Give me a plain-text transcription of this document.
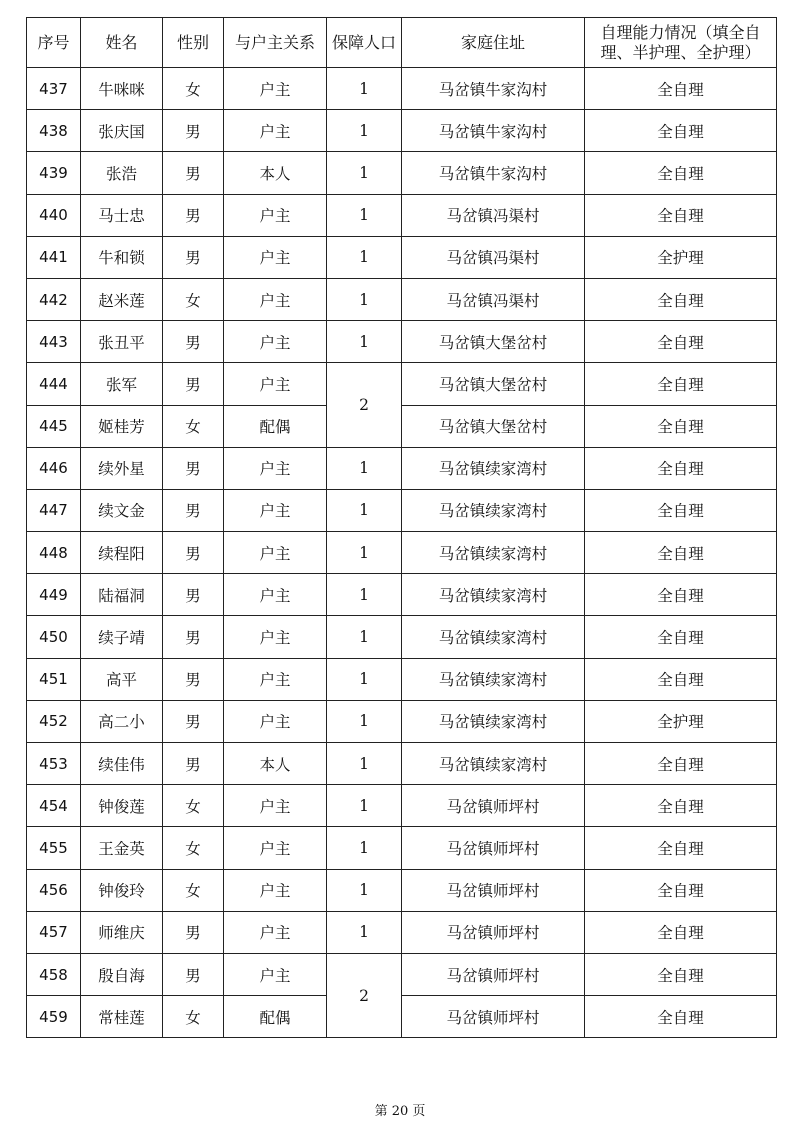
序号	姓名	性别	与户主关系	保障人口	家庭住址	自理能力情况（填全自理、半护理、全护理）
437	牛咪咪	女	户主	1	马岔镇牛家沟村	全自理
438	张庆国	男	户主	1	马岔镇牛家沟村	全自理
439	张浩	男	本人	1	马岔镇牛家沟村	全自理
440	马士忠	男	户主	1	马岔镇冯渠村	全自理
441	牛和锁	男	户主	1	马岔镇冯渠村	全护理
442	赵米莲	女	户主	1	马岔镇冯渠村	全自理
443	张丑平	男	户主	1	马岔镇大堡岔村	全自理
444	张军	男	户主	2	马岔镇大堡岔村	全自理
445	姬桂芳	女	配偶		马岔镇大堡岔村	全自理
446	续外星	男	户主	1	马岔镇续家湾村	全自理
447	续文金	男	户主	1	马岔镇续家湾村	全自理
448	续程阳	男	户主	1	马岔镇续家湾村	全自理
449	陆福洞	男	户主	1	马岔镇续家湾村	全自理
450	续子靖	男	户主	1	马岔镇续家湾村	全自理
451	高平	男	户主	1	马岔镇续家湾村	全自理
452	高二小	男	户主	1	马岔镇续家湾村	全护理
453	续佳伟	男	本人	1	马岔镇续家湾村	全自理
454	钟俊莲	女	户主	1	马岔镇师坪村	全自理
455	王金英	女	户主	1	马岔镇师坪村	全自理
456	钟俊玲	女	户主	1	马岔镇师坪村	全自理
457	师维庆	男	户主	1	马岔镇师坪村	全自理
458	殷自海	男	户主	2	马岔镇师坪村	全自理
459	常桂莲	女	配偶		马岔镇师坪村	全自理
第 20 页
